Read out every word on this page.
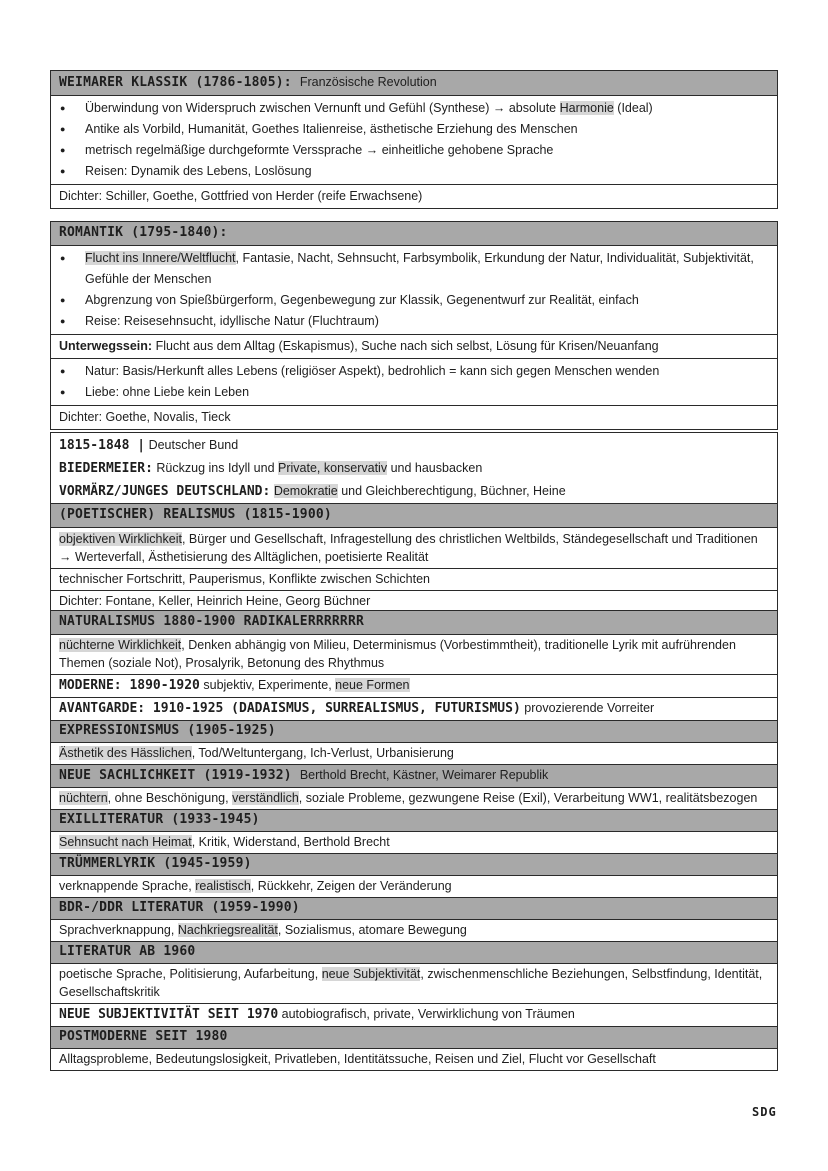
WEIMARER KLASSIK (1786-1805): Französische Revolution
● Überwindung von Widerspruch zwischen Vernunft und Gefühl (Synthese) → absolute Harmonie (Ideal)
● Antike als Vorbild, Humanität, Goethes Italienreise, ästhetische Erziehung des Menschen
● metrisch regelmäßige durchgeformte Verssprache → einheitliche gehobene Sprache
● Reisen: Dynamik des Lebens, Loslösung
Dichter: Schiller, Goethe, Gottfried von Herder (reife Erwachsene)
ROMANTIK (1795-1840):
● Flucht ins Innere/Weltflucht, Fantasie, Nacht, Sehnsucht, Farbsymbolik, Erkundung der Natur, Individualität, Subjektivität, Gefühle der Menschen
● Abgrenzung von Spießbürgerform, Gegenbewegung zur Klassik, Gegenentwurf zur Realität, einfach
● Reise: Reisesehnsucht, idyllische Natur (Fluchtraum)
Unterwegssein: Flucht aus dem Alltag (Eskapismus), Suche nach sich selbst, Lösung für Krisen/Neuanfang
● Natur: Basis/Herkunft alles Lebens (religiöser Aspekt), bedrohlich = kann sich gegen Menschen wenden
● Liebe: ohne Liebe kein Leben
Dichter: Goethe, Novalis, Tieck
1815-1848 | Deutscher Bund
BIEDERMEIER: Rückzug ins Idyll und Private, konservativ und hausbacken
VORMÄRZ/JUNGES DEUTSCHLAND: Demokratie und Gleichberechtigung, Büchner, Heine
(POETISCHER) REALISMUS (1815-1900)
objektiven Wirklichkeit, Bürger und Gesellschaft, Infragestellung des christlichen Weltbilds, Ständegesellschaft und Traditionen → Werteverfall, Ästhetisierung des Alltäglichen, poetisierte Realität
technischer Fortschritt, Pauperismus, Konflikte zwischen Schichten
Dichter: Fontane, Keller, Heinrich Heine, Georg Büchner
NATURALISMUS 1880-1900 RADIKALERRRRRRR
nüchterne Wirklichkeit, Denken abhängig von Milieu, Determinismus (Vorbestimmtheit), traditionelle Lyrik mit aufrührenden Themen (soziale Not), Prosalyrik, Betonung des Rhythmus
MODERNE: 1890-1920 subjektiv, Experimente, neue Formen
AVANTGARDE: 1910-1925 (DADAISMUS, SURREALISMUS, FUTURISMUS) provozierende Vorreiter
EXPRESSIONISMUS (1905-1925)
Ästhetik des Hässlichen, Tod/Weltuntergang, Ich-Verlust, Urbanisierung
NEUE SACHLICHKEIT (1919-1932) Berthold Brecht, Kästner, Weimarer Republik
nüchtern, ohne Beschönigung, verständlich, soziale Probleme, gezwungene Reise (Exil), Verarbeitung WW1, realitätsbezogen
EXILLITERATUR (1933-1945)
Sehnsucht nach Heimat, Kritik, Widerstand, Berthold Brecht
TRÜMMERLYRIK (1945-1959)
verknappende Sprache, realistisch, Rückkehr, Zeigen der Veränderung
BDR-/DDR LITERATUR (1959-1990)
Sprachverknappung, Nachkriegsrealität, Sozialismus, atomare Bewegung
LITERATUR AB 1960
poetische Sprache, Politisierung, Aufarbeitung, neue Subjektivität, zwischenmenschliche Beziehungen, Selbstfindung, Identität, Gesellschaftskritik
NEUE SUBJEKTIVITÄT SEIT 1970 autobiografisch, private, Verwirklichung von Träumen
POSTMODERNE SEIT 1980
Alltagsprobleme, Bedeutungslosigkeit, Privatleben, Identitätssuche, Reisen und Ziel, Flucht vor Gesellschaft
SDG
